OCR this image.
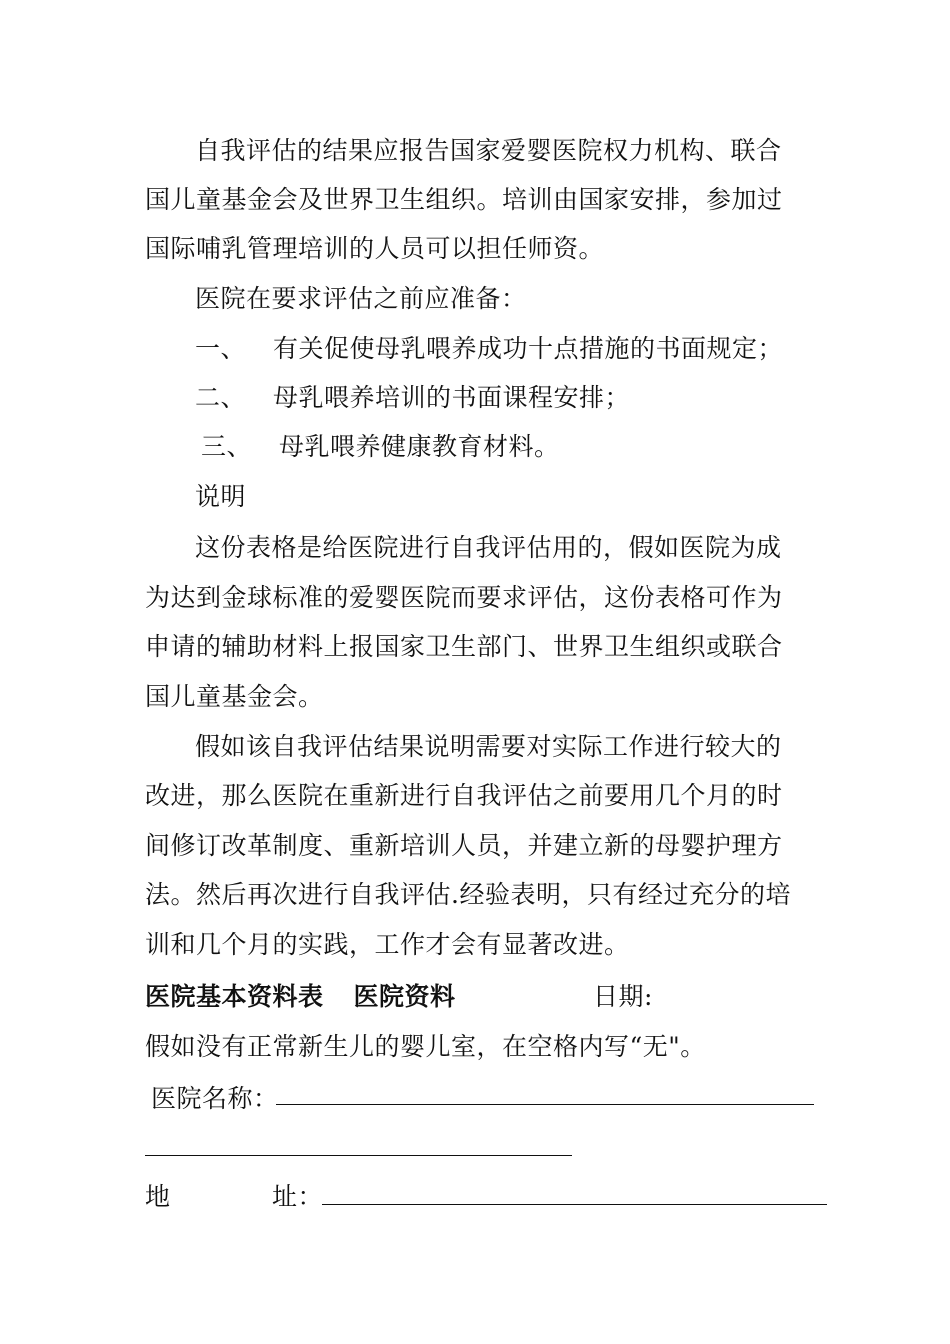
自我评估的结果应报告国家爱婴医院权力机构、联合
国儿童基金会及世界卫生组织。培训由国家安排，参加过
国际哺乳管理培训的人员可以担任师资。
医院在要求评估之前应准备：
一、 有关促使母乳喂养成功十点措施的书面规定；
二、 母乳喂养培训的书面课程安排；
三、 母乳喂养健康教育材料。
说明
这份表格是给医院进行自我评估用的，假如医院为成
为达到金球标准的爱婴医院而要求评估，这份表格可作为
申请的辅助材料上报国家卫生部门、世界卫生组织或联合
国儿童基金会。
假如该自我评估结果说明需要对实际工作进行较大的
改进，那么医院在重新进行自我评估之前要用几个月的时
间修订改革制度、重新培训人员，并建立新的母婴护理方
法。然后再次进行自我评估.经验表明，只有经过充分的培
训和几个月的实践，工作才会有显著改进。
医院基本资料表 医院资料	日期:
假如没有正常新生儿的婴儿室，在空格内写“无"。
医院名称：
地	址：
